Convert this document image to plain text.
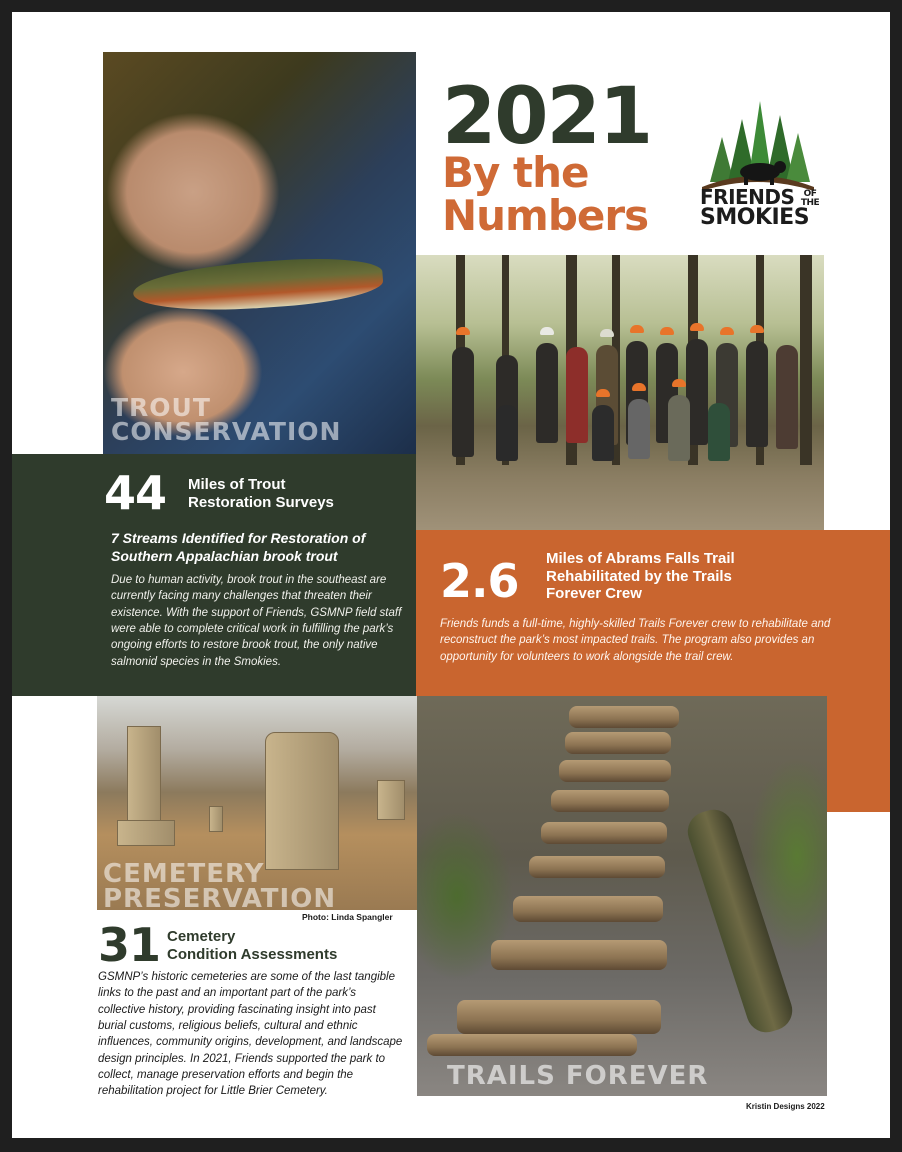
TROUT
CONSERVATION
2021
By the
Numbers	FRIENDS OF
THE
SMOKIES
44 Miles of Trout
Restoration Surveys
7 Streams Identified for Restoration of
Southern Appalachian brook trout
Due to human activity, brook trout in the southeast are currently facing many challenges that threaten their existence. With the support of Friends, GSMNP field staff were able to complete critical work in fulfilling the park’s ongoing efforts to restore brook trout, the only native salmonid species in the Smokies.
2.6 Miles of Abrams Falls Trail
Rehabilitated by the Trails
Forever Crew
Friends funds a full-time, highly-skilled Trails Forever crew to rehabilitate and reconstruct the park’s most impacted trails. The program also provides an opportunity for volunteers to work alongside the trail crew.
CEMETERY
PRESERVATION
Photo: Linda Spangler
31 Cemetery
Condition Assessments
GSMNP’s historic cemeteries are some of the last tangible links to the past and an important part of the park’s collective history, providing fascinating insight into past burial customs, religious beliefs, cultural and ethnic influences, community origins, development, and landscape design principles. In 2021, Friends supported the park to collect, manage preservation efforts and begin the rehabilitation project for Little Brier Cemetery.
TRAILS FOREVER
Kristin Designs 2022
